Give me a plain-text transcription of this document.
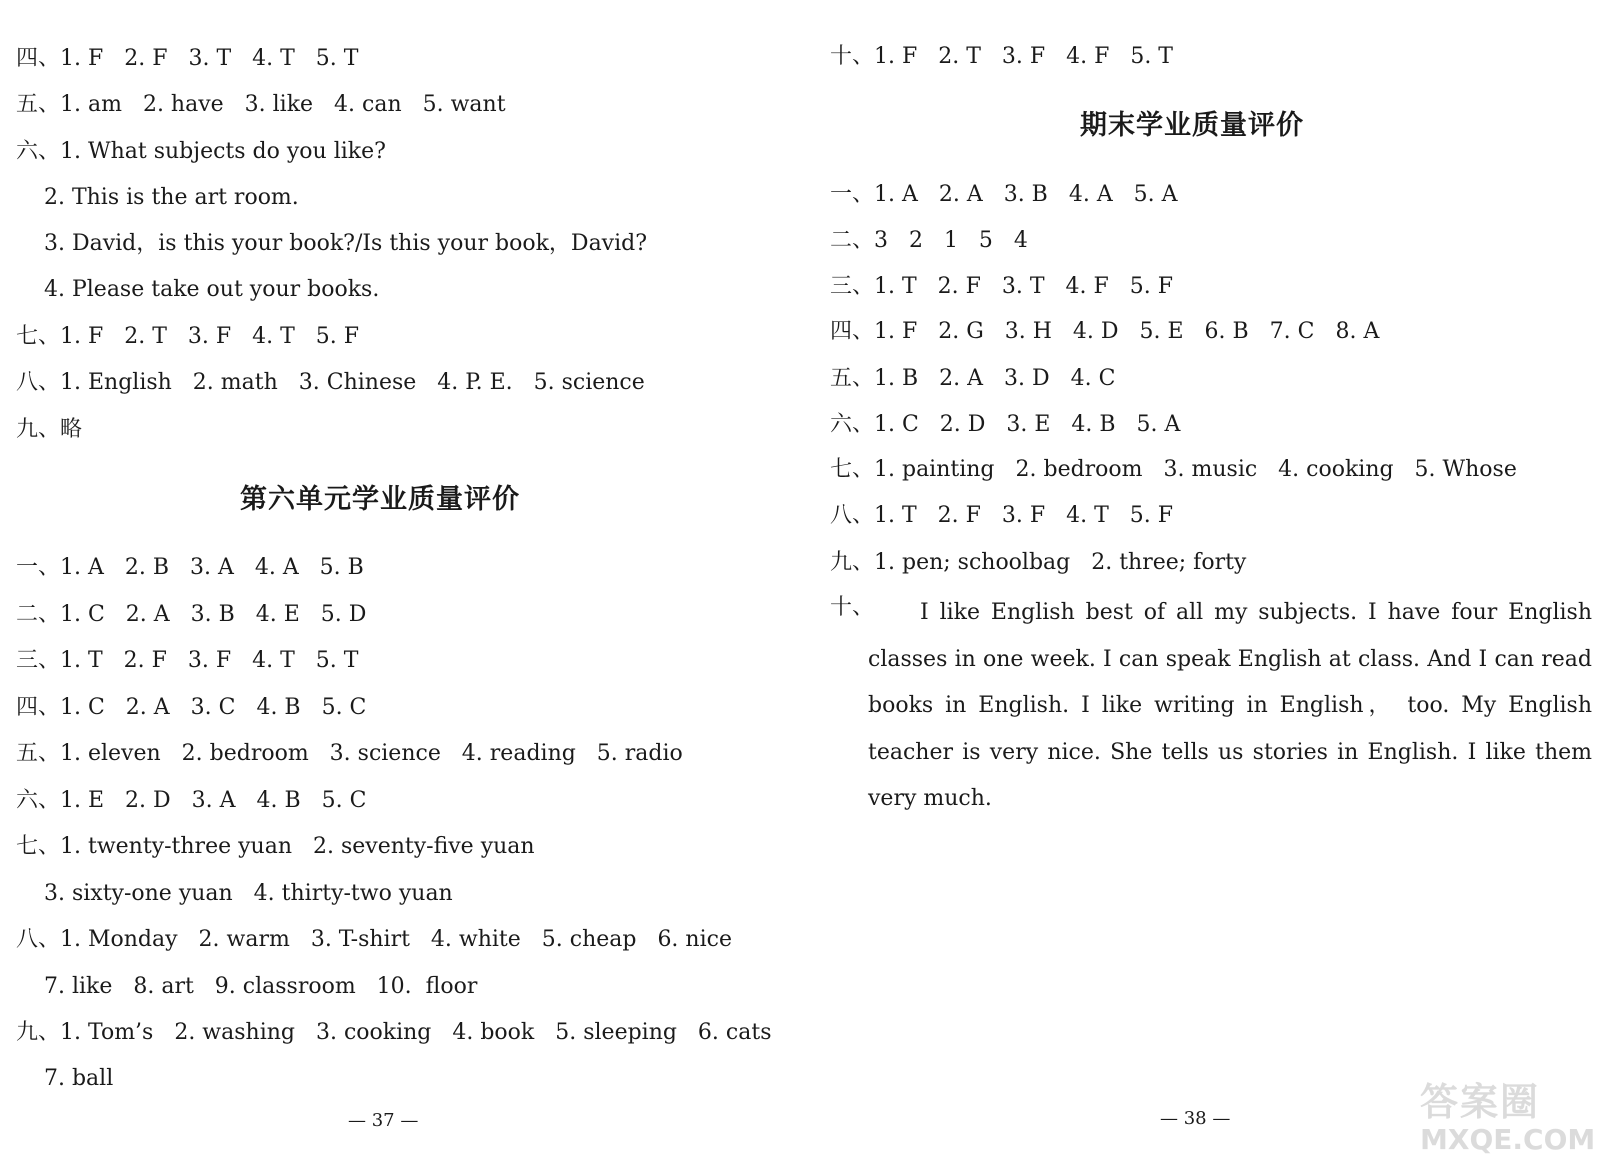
四、1. F   2. F   3. T   4. T   5. T
五、1. am   2. have   3. like   4. can   5. want
六、1. What subjects do you like?
2. This is the art room.
3. David，is this your book?/Is this your book，David?
4. Please take out your books.
七、1. F   2. T   3. F   4. T   5. F
八、1. English   2. math   3. Chinese   4. P. E.   5. science
九、略
第六单元学业质量评价
一、1. A   2. B   3. A   4. A   5. B
二、1. C   2. A   3. B   4. E   5. D
三、1. T   2. F   3. F   4. T   5. T
四、1. C   2. A   3. C   4. B   5. C
五、1. eleven   2. bedroom   3. science   4. reading   5. radio
六、1. E   2. D   3. A   4. B   5. C
七、1. twenty-three yuan   2. seventy-five yuan
3. sixty-one yuan   4. thirty-two yuan
八、1. Monday   2. warm   3. T-shirt   4. white   5. cheap   6. nice
7. like   8. art   9. classroom   10.  floor
九、1. Tom’s   2. washing   3. cooking   4. book   5. sleeping   6. cats
7. ball
— 37 —
十、1. F   2. T   3. F   4. F   5. T
期末学业质量评价
一、1. A   2. A   3. B   4. A   5. A
二、3   2   1   5   4
三、1. T   2. F   3. T   4. F   5. F
四、1. F   2. G   3. H   4. D   5. E   6. B   7. C   8. A
五、1. B   2. A   3. D   4. C
六、1. C   2. D   3. E   4. B   5. A
七、1. painting   2. bedroom   3. music   4. cooking   5. Whose
八、1. T   2. F   3. F   4. T   5. F
九、1. pen; schoolbag   2. three; forty
十、	I like English best of all my subjects. I have four English classes in one week. I can speak English at class. And I can read books in English. I like writing in English， too. My English teacher is very nice. She tells us stories in English. I like them very much.
— 38 —	答案圈
MXQE.COM
